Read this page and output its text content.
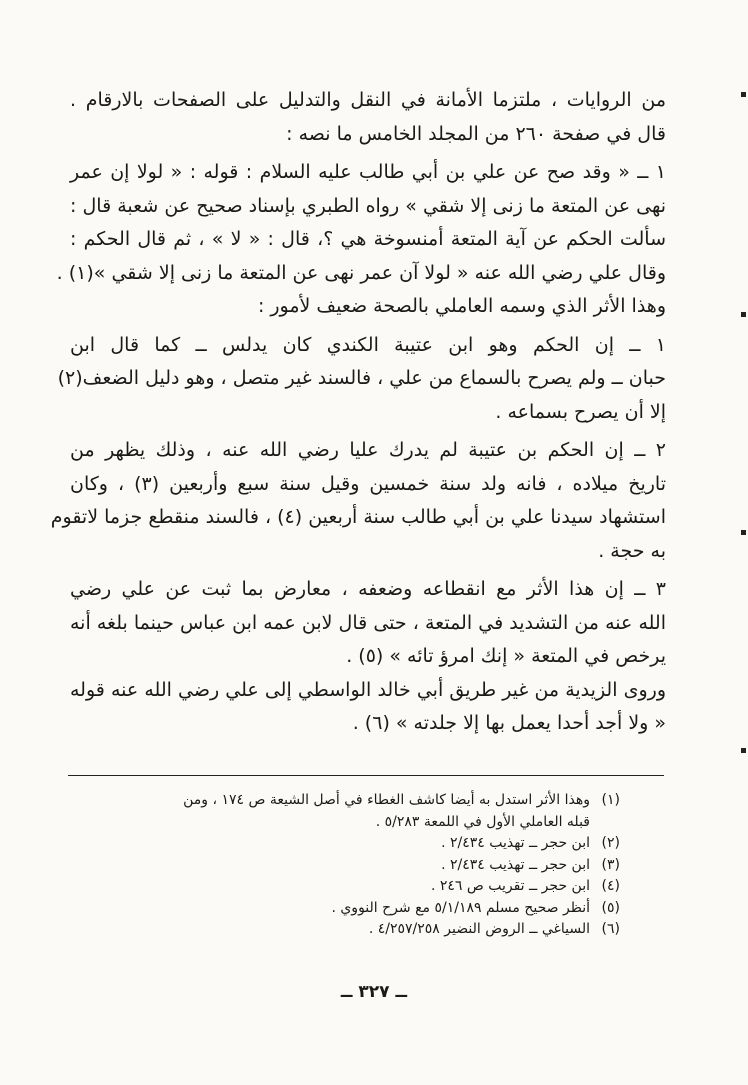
من الروايات ، ملتزما الأمانة في النقل والتدليل على الصفحات بالارقام .
قال في صفحة ٢٦٠ من المجلد الخامس ما نصه :
١ ــ « وقد صح عن علي بن أبي طالب عليه السلام : قوله : « لولا إن عمر
نهى عن المتعة ما زنى إلا شقي » رواه الطبري بإسناد صحيح عن شعبة قال :
سألت الحكم عن آية المتعة أمنسوخة هي ؟، قال : « لا » ، ثم قال الحكم :
وقال علي رضي الله عنه « لولا آن عمر نهى عن المتعة ما زنى إلا شقي »(١) .
وهذا الأثر الذي وسمه العاملي بالصحة ضعيف لأمور :
١ ــ إن الحكم وهو ابن عتيبة الكندي كان يدلس ــ كما قال ابن
حبان ــ ولم يصرح بالسماع من علي ، فالسند غير متصل ، وهو دليل الضعف(٢)
إلا أن يصرح بسماعه .
٢ ــ إن الحكم بن عتيبة لم يدرك عليا رضي الله عنه ، وذلك يظهر من
تاريخ ميلاده ، فانه ولد سنة خمسين وقيل سنة سبع وأربعين (٣) ، وكان
استشهاد سيدنا علي بن أبي طالب سنة أربعين (٤) ، فالسند منقطع جزما لاتقوم
به حجة .
٣ ــ إن هذا الأثر مع انقطاعه وضعفه ، معارض بما ثبت عن علي رضي
الله عنه من التشديد في المتعة ، حتى قال لابن عمه ابن عباس حينما بلغه أنه
يرخص في المتعة « إنك امرؤ تائه » (٥) .
وروى الزيدية من غير طريق أبي خالد الواسطي إلى علي رضي الله عنه قوله
« ولا أجد أحدا يعمل بها إلا جلدته » (٦) .
(١)وهذا الأثر استدل به أيضا كاشف الغطاء في أصل الشيعة ص ١٧٤ ، ومن
قبله العاملي الأول في اللمعة ٥/٢٨٣ .
(٢)ابن حجر ــ تهذيب ٢/٤٣٤ .
(٣)ابن حجر ــ تهذيب ٢/٤٣٤ .
(٤)ابن حجر ــ تقريب ص ٢٤٦ .
(٥)أنظر صحيح مسلم ٥/١/١٨٩ مع شرح النووي .
(٦)السياغي ــ الروض النضير ٤/٢٥٧/٢٥٨ .
ــ ٣٢٧ ــ
